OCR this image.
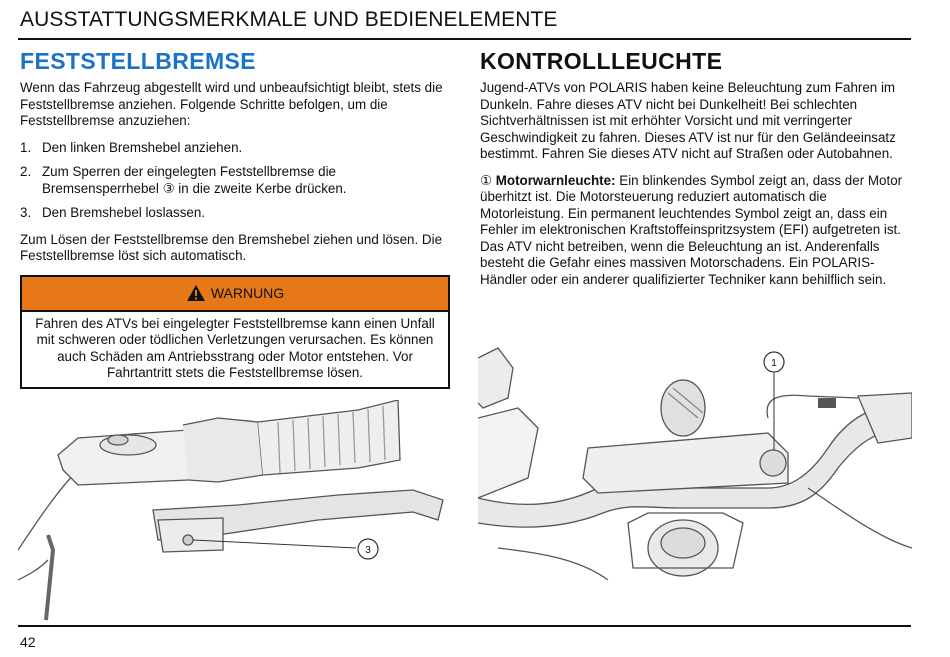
AUSSTATTUNGSMERKMALE UND BEDIENELEMENTE
FESTSTELLBREMSE

Wenn das Fahrzeug abgestellt wird und unbeaufsichtigt bleibt, stets die Feststellbremse anziehen. Folgende Schritte befolgen, um die Feststellbremse anzuziehen:

1. Den linken Bremshebel anziehen.
2. Zum Sperren der eingelegten Feststellbremse die Bremsensperrhebel ③ in die zweite Kerbe drücken.
3. Den Bremshebel loslassen.

Zum Lösen der Feststellbremse den Bremshebel ziehen und lösen. Die Feststellbremse löst sich automatisch.

WARNUNG
Fahren des ATVs bei eingelegter Feststellbremse kann einen Unfall mit schweren oder tödlichen Verletzungen verursachen. Es können auch Schäden am Antriebsstrang oder Motor entstehen. Vor Fahrtantritt stets die Feststellbremse lösen.
3
KONTROLLLEUCHTE

Jugend-ATVs von POLARIS haben keine Beleuchtung zum Fahren im Dunkeln. Fahre dieses ATV nicht bei Dunkelheit! Bei schlechten Sichtverhältnissen ist mit erhöhter Vorsicht und mit verringerter Geschwindigkeit zu fahren. Dieses ATV ist nur für den Geländeeinsatz bestimmt. Fahren Sie dieses ATV nicht auf Straßen oder Autobahnen.

① Motorwarnleuchte: Ein blinkendes Symbol zeigt an, dass der Motor überhitzt ist. Die Motorsteuerung reduziert automatisch die Motorleistung. Ein permanent leuchtendes Symbol zeigt an, dass ein Fehler im elektronischen Kraftstoffeinspritzsystem (EFI) aufgetreten ist. Das ATV nicht betreiben, wenn die Beleuchtung an ist. Anderenfalls besteht die Gefahr eines massiven Motorschadens. Ein POLARIS-Händler oder ein anderer qualifizierter Techniker kann behilflich sein.

1
42
